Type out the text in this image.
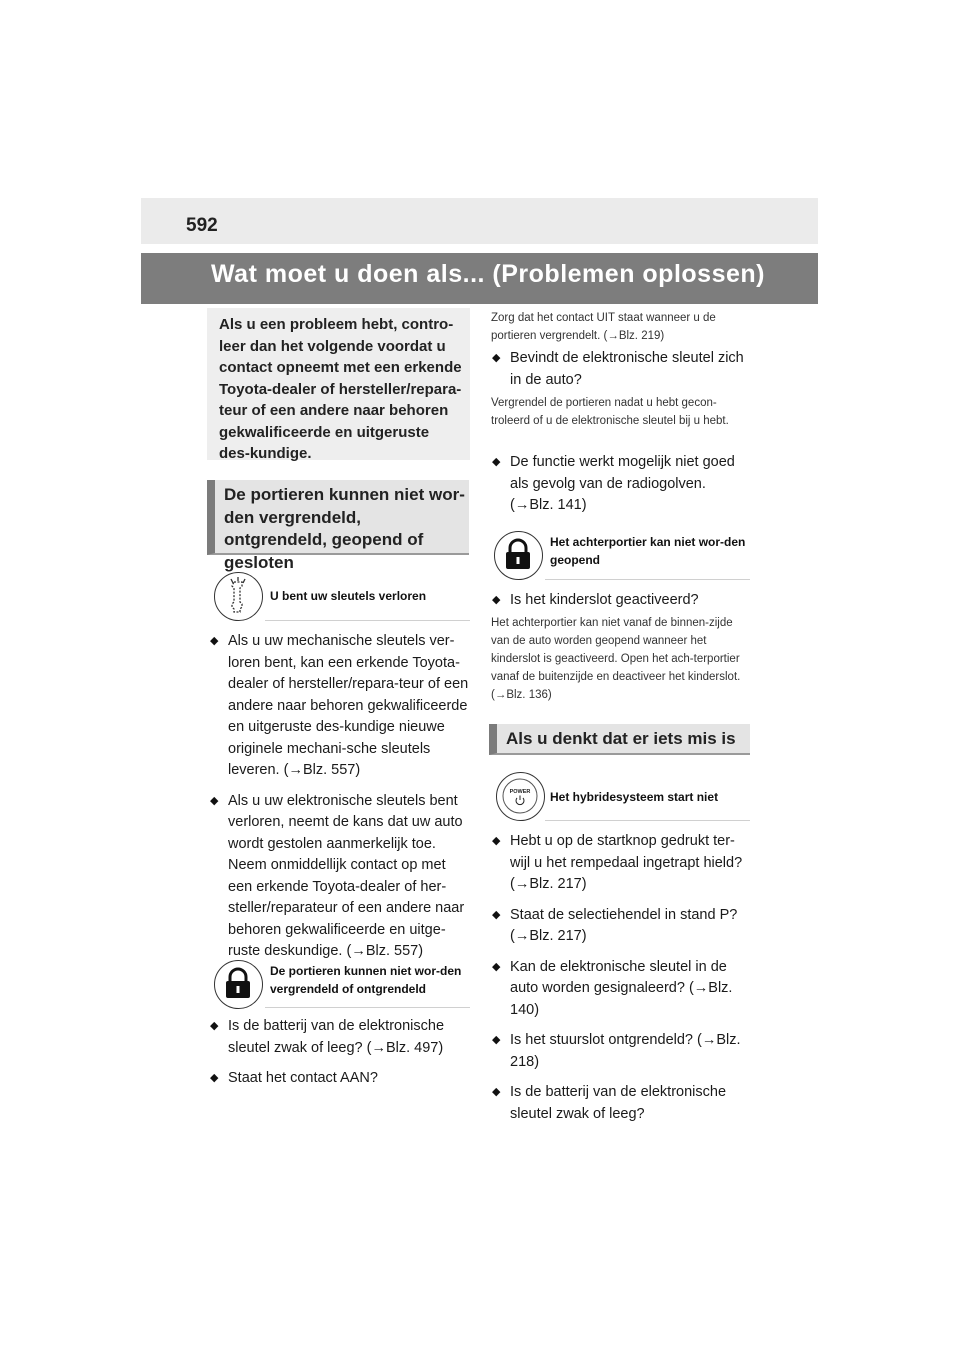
592
Wat moet u doen als... (Problemen oplossen)
Als u een probleem hebt, contro-leer dan het volgende voordat u contact opneemt met een erkende Toyota-dealer of hersteller/repara-teur of een andere naar behoren gekwalificeerde en uitgeruste des-kundige.
De portieren kunnen niet wor-den vergrendeld, ontgrendeld, geopend of gesloten
U bent uw sleutels verloren
◆ Als u uw mechanische sleutels ver-loren bent, kan een erkende Toyota-dealer of hersteller/repara-teur of een andere naar behoren gekwalificeerde en uitgeruste des-kundige nieuwe originele mechani-sche sleutels leveren. (→Blz. 557)
◆ Als u uw elektronische sleutels bent verloren, neemt de kans dat uw auto wordt gestolen aanmerkelijk toe. Neem onmiddellijk contact op met een erkende Toyota-dealer of her-steller/reparateur of een andere naar behoren gekwalificeerde en uitge-ruste deskundige. (→Blz. 557)
De portieren kunnen niet wor-den vergrendeld of ontgrendeld
◆ Is de batterij van de elektronische sleutel zwak of leeg? (→Blz. 497)
◆ Staat het contact AAN?
Zorg dat het contact UIT staat wanneer u de portieren vergrendelt. (→Blz. 219)
◆ Bevindt de elektronische sleutel zich in de auto?
Vergrendel de portieren nadat u hebt gecon-troleerd of u de elektronische sleutel bij u hebt.
◆ De functie werkt mogelijk niet goed als gevolg van de radiogolven. (→Blz. 141)
Het achterportier kan niet wor-den geopend
◆ Is het kinderslot geactiveerd?
Het achterportier kan niet vanaf de binnen-zijde van de auto worden geopend wanneer het kinderslot is geactiveerd. Open het ach-terportier vanaf de buitenzijde en deactiveer het kinderslot. (→Blz. 136)
Als u denkt dat er iets mis is
POWER Het hybridesysteem start niet
◆ Hebt u op de startknop gedrukt ter-wijl u het rempedaal ingetrapt hield? (→Blz. 217)
◆ Staat de selectiehendel in stand P? (→Blz. 217)
◆ Kan de elektronische sleutel in de auto worden gesignaleerd? (→Blz. 140)
◆ Is het stuurslot ontgrendeld? (→Blz. 218)
◆ Is de batterij van de elektronische sleutel zwak of leeg?
